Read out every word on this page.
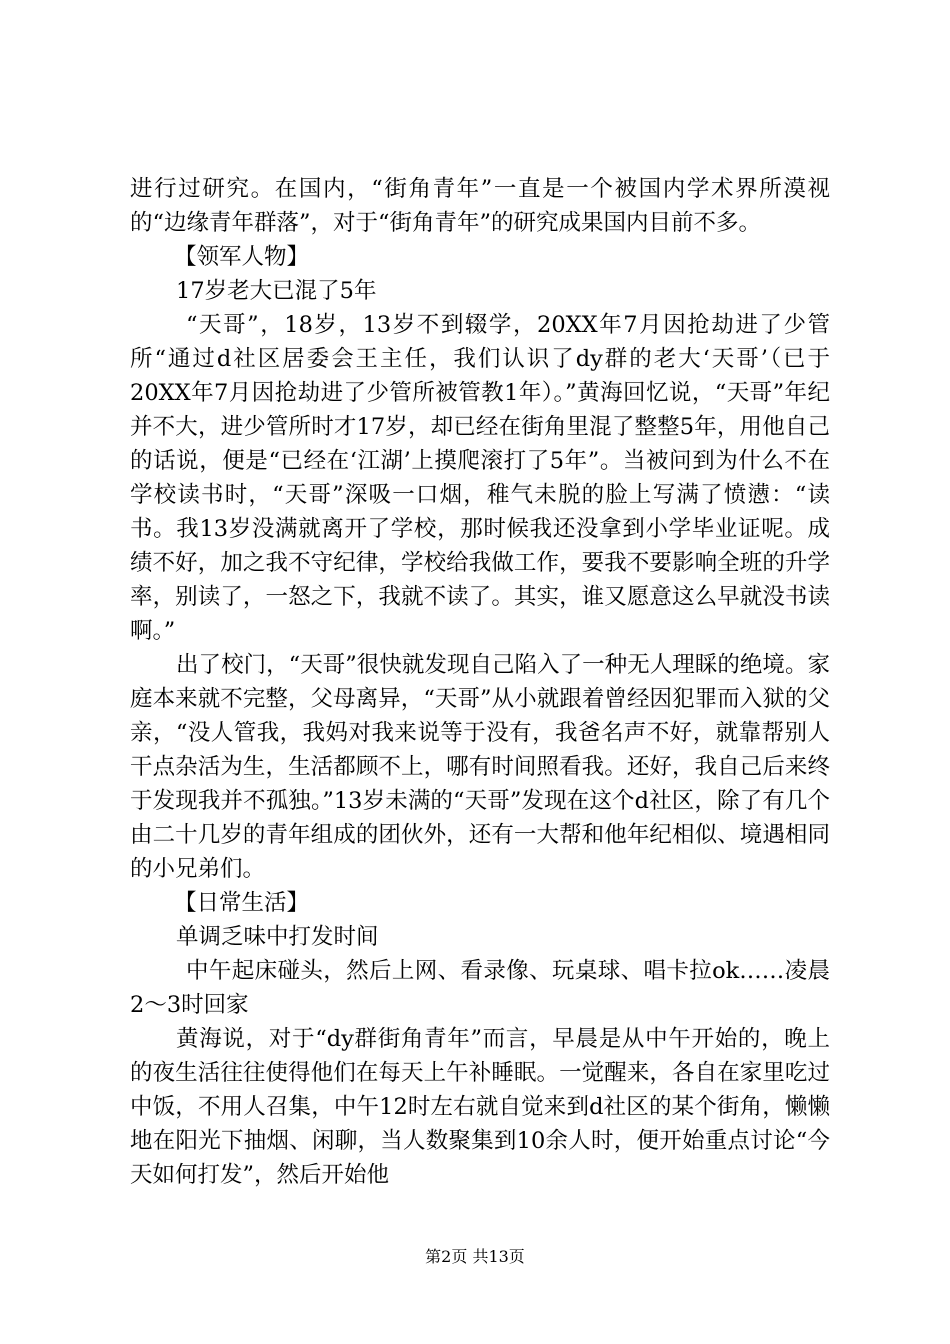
进行过研究。在国内，“街角青年”一直是一个被国内学术界所漠视的“边缘青年群落”，对于“街角青年”的研究成果国内目前不多。

【领军人物】

17岁老大已混了5年

“天哥”，18岁，13岁不到辍学，20XX年7月因抢劫进了少管所“通过d社区居委会王主任，我们认识了dy群的老大‘天哥’（已于20XX年7月因抢劫进了少管所被管教1年）。”黄海回忆说，“天哥”年纪并不大，进少管所时才17岁，却已经在街角里混了整整5年，用他自己的话说，便是“已经在‘江湖’上摸爬滚打了5年”。当被问到为什么不在学校读书时，“天哥”深吸一口烟，稚气未脱的脸上写满了愤懑：“读书。我13岁没满就离开了学校，那时候我还没拿到小学毕业证呢。成绩不好，加之我不守纪律，学校给我做工作，要我不要影响全班的升学率，别读了，一怒之下，我就不读了。其实，谁又愿意这么早就没书读啊。”

出了校门，“天哥”很快就发现自己陷入了一种无人理睬的绝境。家庭本来就不完整，父母离异，“天哥”从小就跟着曾经因犯罪而入狱的父亲，“没人管我，我妈对我来说等于没有，我爸名声不好，就靠帮别人干点杂活为生，生活都顾不上，哪有时间照看我。还好，我自己后来终于发现我并不孤独。”13岁未满的“天哥”发现在这个d社区，除了有几个由二十几岁的青年组成的团伙外，还有一大帮和他年纪相似、境遇相同的小兄弟们。

【日常生活】

单调乏味中打发时间

中午起床碰头，然后上网、看录像、玩桌球、唱卡拉ok……凌晨2～3时回家

黄海说，对于“dy群街角青年”而言，早晨是从中午开始的，晚上的夜生活往往使得他们在每天上午补睡眠。一觉醒来，各自在家里吃过中饭，不用人召集，中午12时左右就自觉来到d社区的某个街角，懒懒地在阳光下抽烟、闲聊，当人数聚集到10余人时，便开始重点讨论“今天如何打发”，然后开始他

第2页 共13页
